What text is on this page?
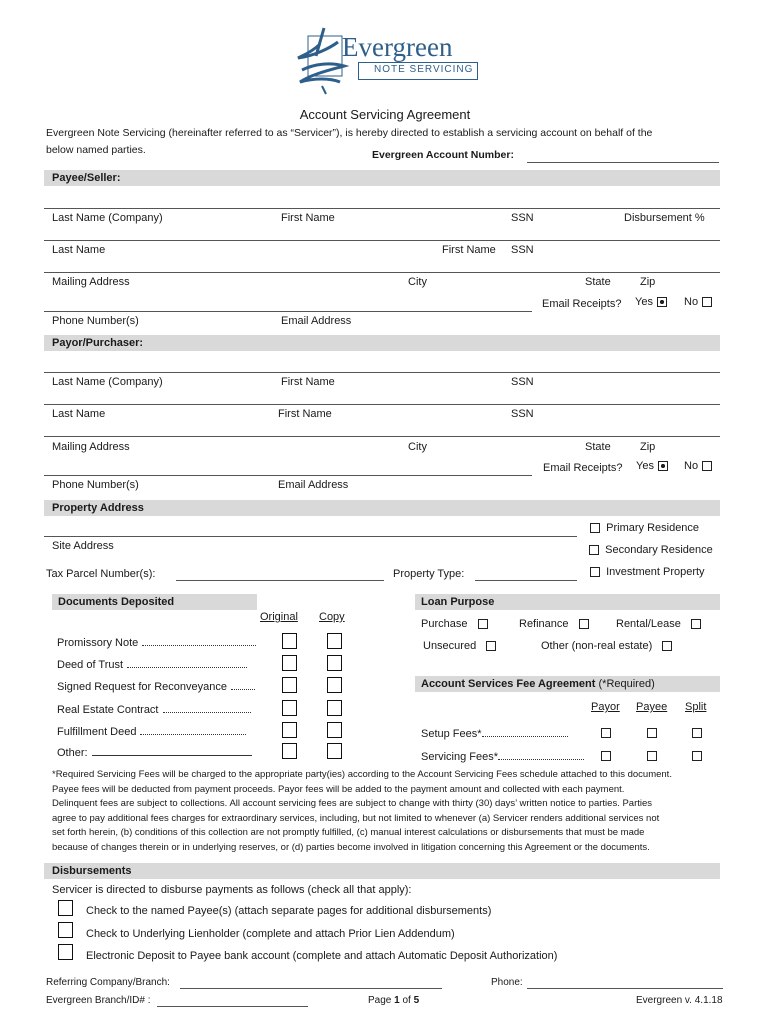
Evergreen
NOTE SERVICING
Account Servicing Agreement
Evergreen Note Servicing (hereinafter referred to as “Servicer”), is hereby directed to establish a servicing account on behalf of the
below named parties.	Evergreen Account Number:
Payee/Seller:
Last Name (Company)	First Name	SSN	Disbursement %
Last Name	First Name SSN
Mailing Address	City	State	Zip
Email Receipts? Yes	No
Phone Number(s)	Email Address
Payor/Purchaser:
Last Name (Company)	First Name	SSN
Last Name	First Name	SSN
Mailing Address	City	State	Zip
Email Receipts? Yes	No
Phone Number(s)	Email Address
Property Address
Site Address
Tax Parcel Number(s):	Property Type:
Primary Residence
Secondary Residence
Investment Property
Documents Deposited
Original Copy
Promissory Note
Deed of Trust
Signed Request for Reconveyance
Real Estate Contract
Fulfillment Deed
Other:
Loan Purpose
Purchase	Refinance	Rental/Lease
Unsecured	Other (non-real estate)
Account Services Fee Agreement (*Required)
Payor Payee Split
Setup Fees*
Servicing Fees*
*Required Servicing Fees will be charged to the appropriate party(ies) according to the Account Servicing Fees schedule attached to this document.
Payee fees will be deducted from payment proceeds. Payor fees will be added to the payment amount and collected with each payment.
Delinquent fees are subject to collections. All account servicing fees are subject to change with thirty (30) days’ written notice to parties. Parties
agree to pay additional fees charges for extraordinary services, including, but not limited to whenever (a) Servicer renders additional services not
set forth herein, (b) conditions of this collection are not promptly fulfilled, (c) manual interest calculations or disbursements that must be made
because of changes therein or in underlying reserves, or (d) parties become involved in litigation concerning this Agreement or the documents.
Disbursements
Servicer is directed to disburse payments as follows (check all that apply):
Check to the named Payee(s) (attach separate pages for additional disbursements)
Check to Underlying Lienholder (complete and attach Prior Lien Addendum)
Electronic Deposit to Payee bank account (complete and attach Automatic Deposit Authorization)
Referring Company/Branch:	Phone:
Evergreen Branch/ID# :	Page 1 of 5	Evergreen v. 4.1.18
